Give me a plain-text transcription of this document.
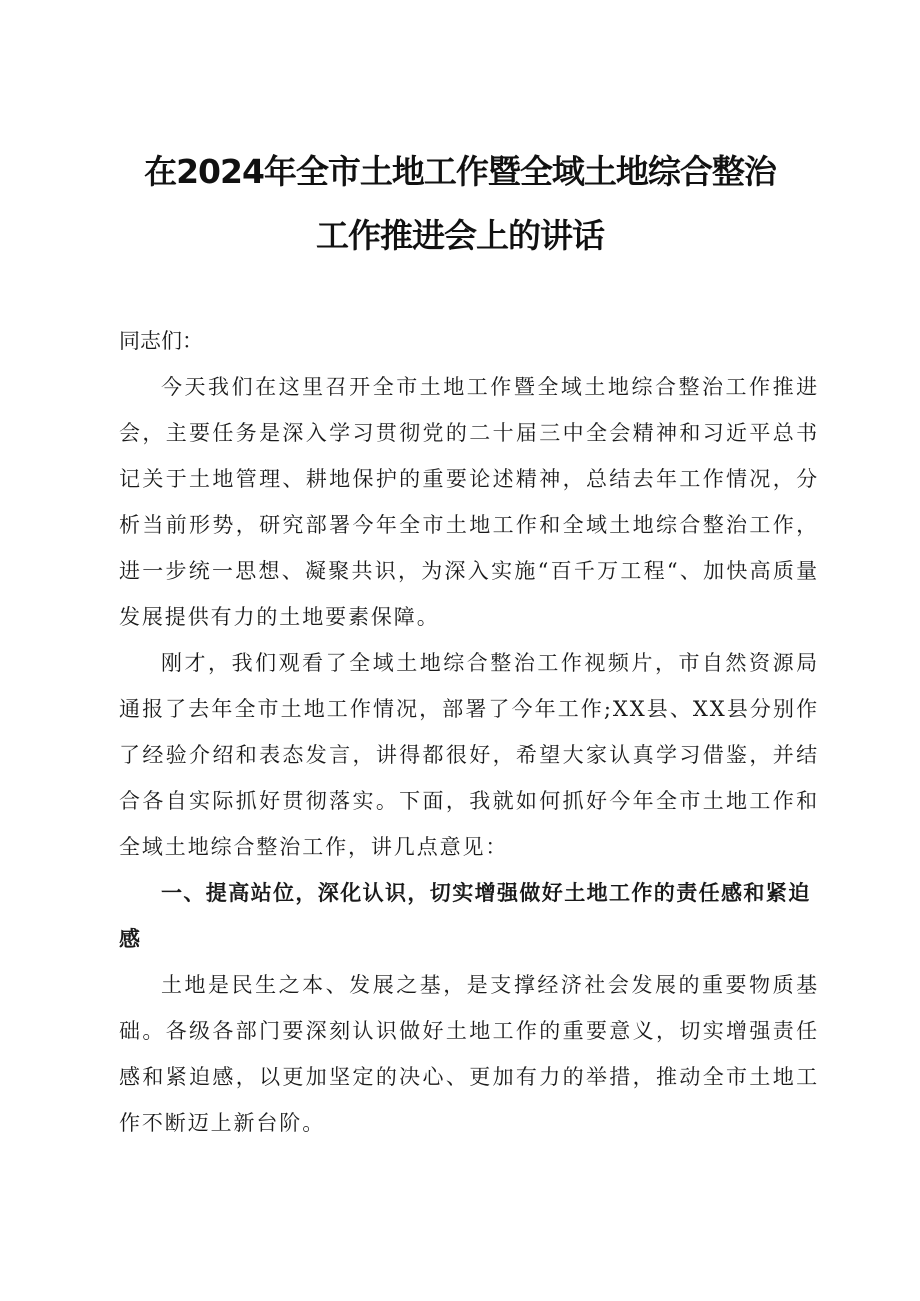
在2024年全市土地工作暨全域土地综合整治
工作推进会上的讲话

同志们：

今天我们在这里召开全市土地工作暨全域土地综合整治工作推进会，主要任务是深入学习贯彻党的二十届三中全会精神和习近平总书记关于土地管理、耕地保护的重要论述精神，总结去年工作情况，分析当前形势，研究部署今年全市土地工作和全域土地综合整治工作，进一步统一思想、凝聚共识，为深入实施“百千万工程“、加快高质量发展提供有力的土地要素保障。

刚才，我们观看了全域土地综合整治工作视频片，市自然资源局通报了去年全市土地工作情况，部署了今年工作;XX县、XX县分别作了经验介绍和表态发言，讲得都很好，希望大家认真学习借鉴，并结合各自实际抓好贯彻落实。下面，我就如何抓好今年全市土地工作和全域土地综合整治工作，讲几点意见：

一、提高站位，深化认识，切实增强做好土地工作的责任感和紧迫感

土地是民生之本、发展之基，是支撑经济社会发展的重要物质基础。各级各部门要深刻认识做好土地工作的重要意义，切实增强责任感和紧迫感，以更加坚定的决心、更加有力的举措，推动全市土地工作不断迈上新台阶。
